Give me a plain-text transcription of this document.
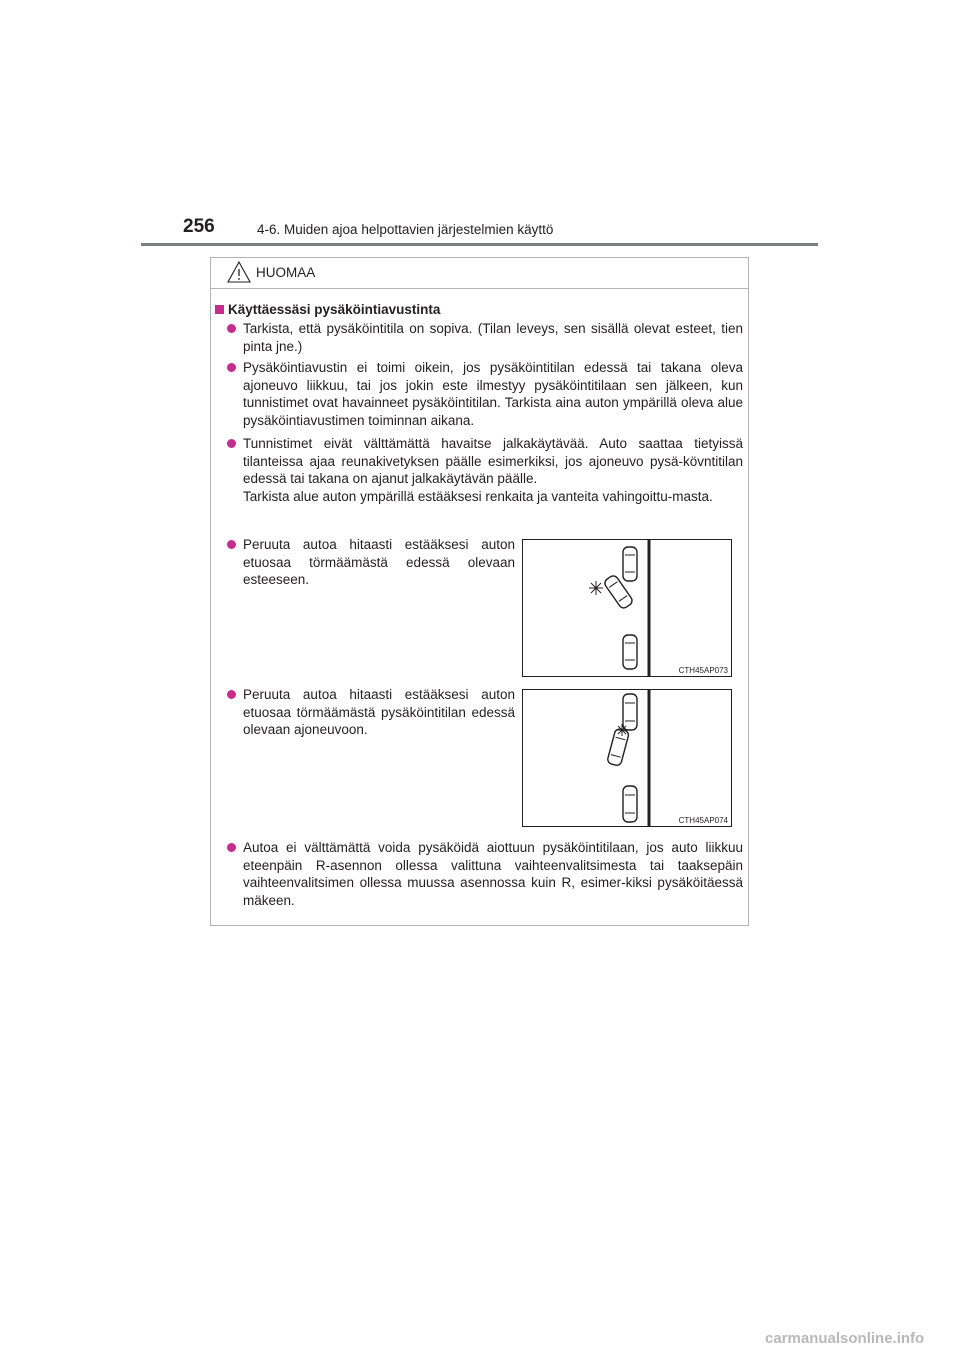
256	4-6. Muiden ajoa helpottavien järjestelmien käyttö
HUOMAA
Käyttäessäsi pysäköintiavustinta
Tarkista, että pysäköintitila on sopiva. (Tilan leveys, sen sisällä olevat esteet, tien pinta jne.)
Pysäköintiavustin ei toimi oikein, jos pysäköintitilan edessä tai takana oleva ajoneuvo liikkuu, tai jos jokin este ilmestyy pysäköintitilaan sen jälkeen, kun tunnistimet ovat havainneet pysäköintitilan. Tarkista aina auton ympärillä oleva alue pysäköintiavustimen toiminnan aikana.
Tunnistimet eivät välttämättä havaitse jalkakäytävää. Auto saattaa tietyissä tilanteissa ajaa reunakivetyksen päälle esimerkiksi, jos ajoneuvo pysä-kövntitilan edessä tai takana on ajanut jalkakäytävän päälle.
Tarkista alue auton ympärillä estääksesi renkaita ja vanteita vahingoittu-masta.
Peruuta autoa hitaasti estääksesi auton etuosaa törmäämästä edessä olevaan esteeseen.
CTH45AP073
Peruuta autoa hitaasti estääksesi auton etuosaa törmäämästä pysäköintitilan edessä olevaan ajoneuvoon.
CTH45AP074
Autoa ei välttämättä voida pysäköidä aiottuun pysäköintitilaan, jos auto liikkuu eteenpäin R-asennon ollessa valittuna vaihteenvalitsimesta tai taaksepäin vaihteenvalitsimen ollessa muussa asennossa kuin R, esimer-kiksi pysäköitäessä mäkeen.
carmanualsonline.info
